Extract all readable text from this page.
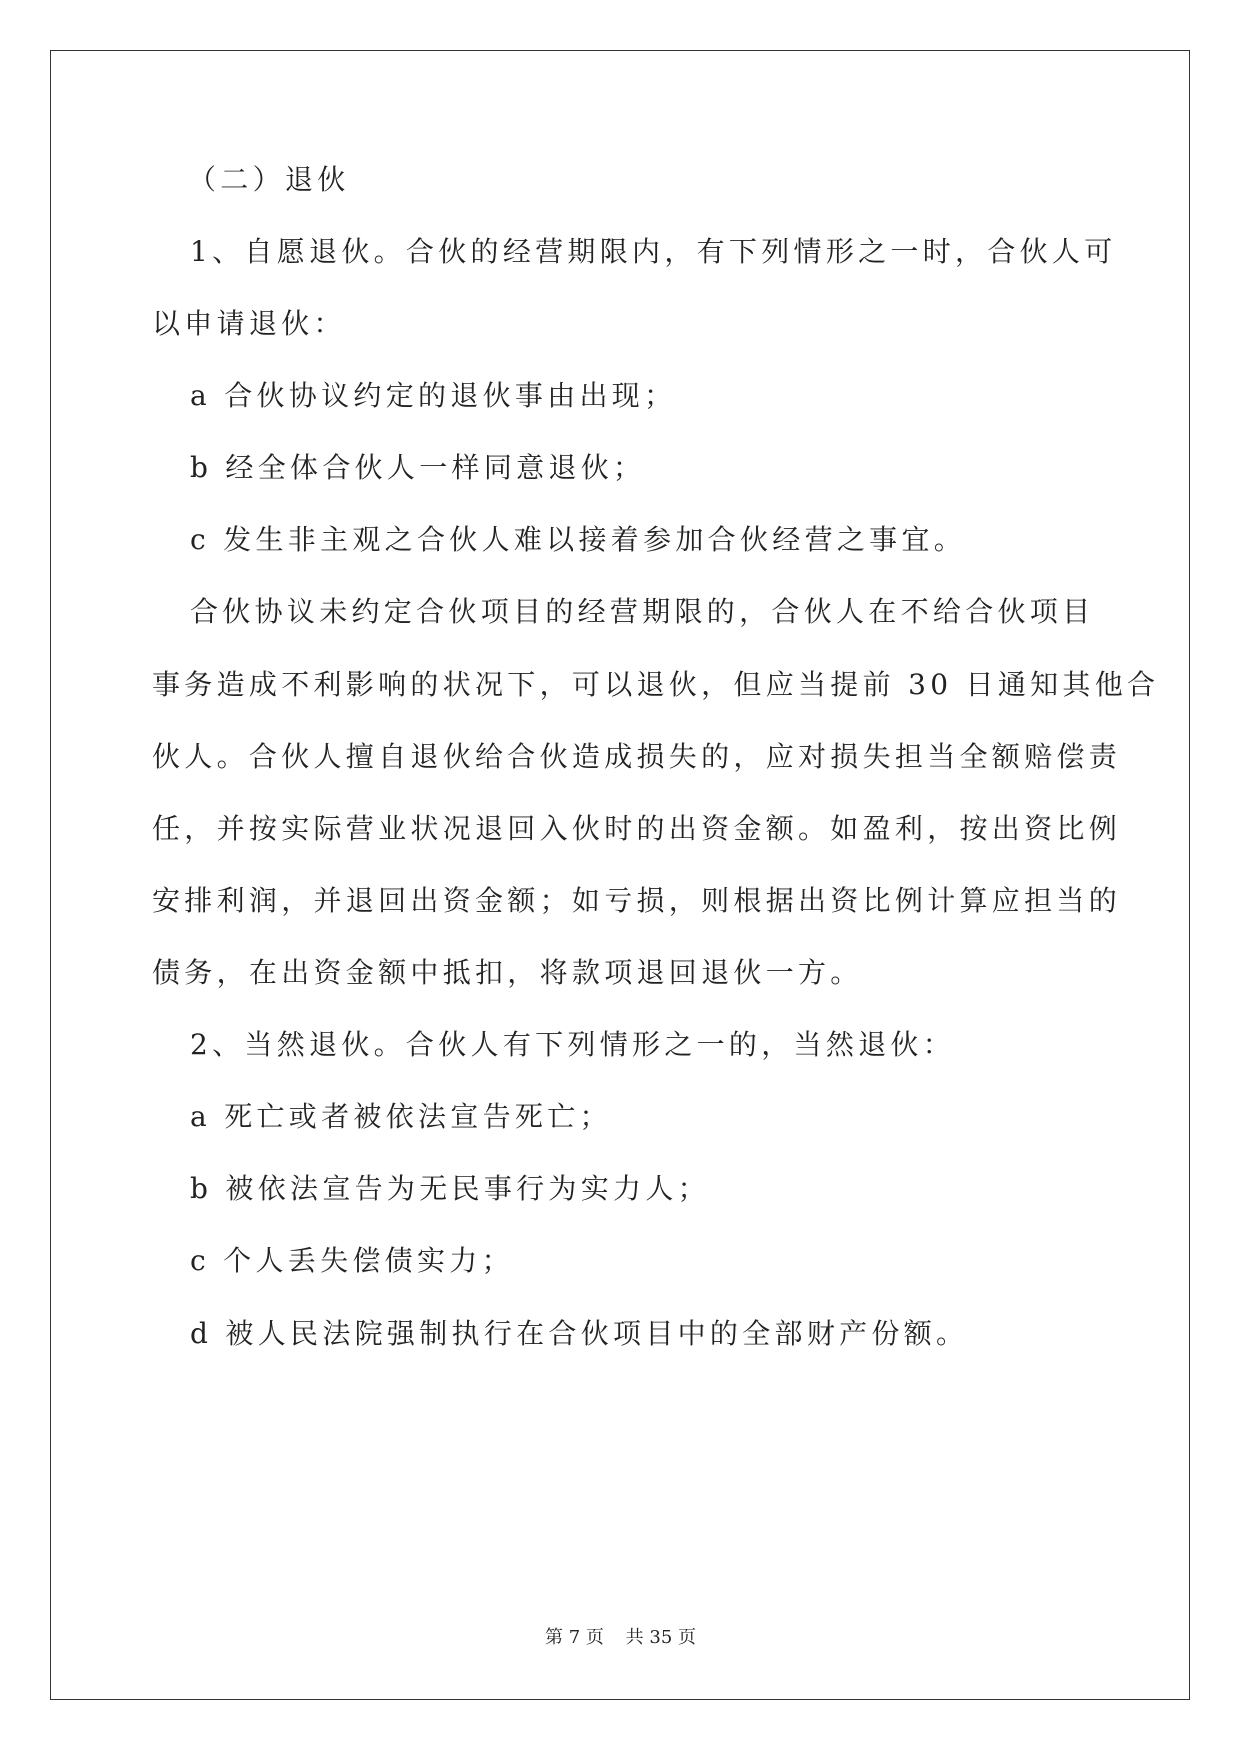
（二）退伙
1、自愿退伙。合伙的经营期限内，有下列情形之一时，合伙人可
以申请退伙：
a 合伙协议约定的退伙事由出现；
b 经全体合伙人一样同意退伙；
c 发生非主观之合伙人难以接着参加合伙经营之事宜。
合伙协议未约定合伙项目的经营期限的，合伙人在不给合伙项目
事务造成不利影响的状况下，可以退伙，但应当提前 30 日通知其他合
伙人。合伙人擅自退伙给合伙造成损失的，应对损失担当全额赔偿责
任，并按实际营业状况退回入伙时的出资金额。如盈利，按出资比例
安排利润，并退回出资金额；如亏损，则根据出资比例计算应担当的
债务，在出资金额中抵扣，将款项退回退伙一方。
2、当然退伙。合伙人有下列情形之一的，当然退伙：
a 死亡或者被依法宣告死亡；
b 被依法宣告为无民事行为实力人；
c 个人丢失偿债实力；
d 被人民法院强制执行在合伙项目中的全部财产份额。
第 7 页 共 35 页
